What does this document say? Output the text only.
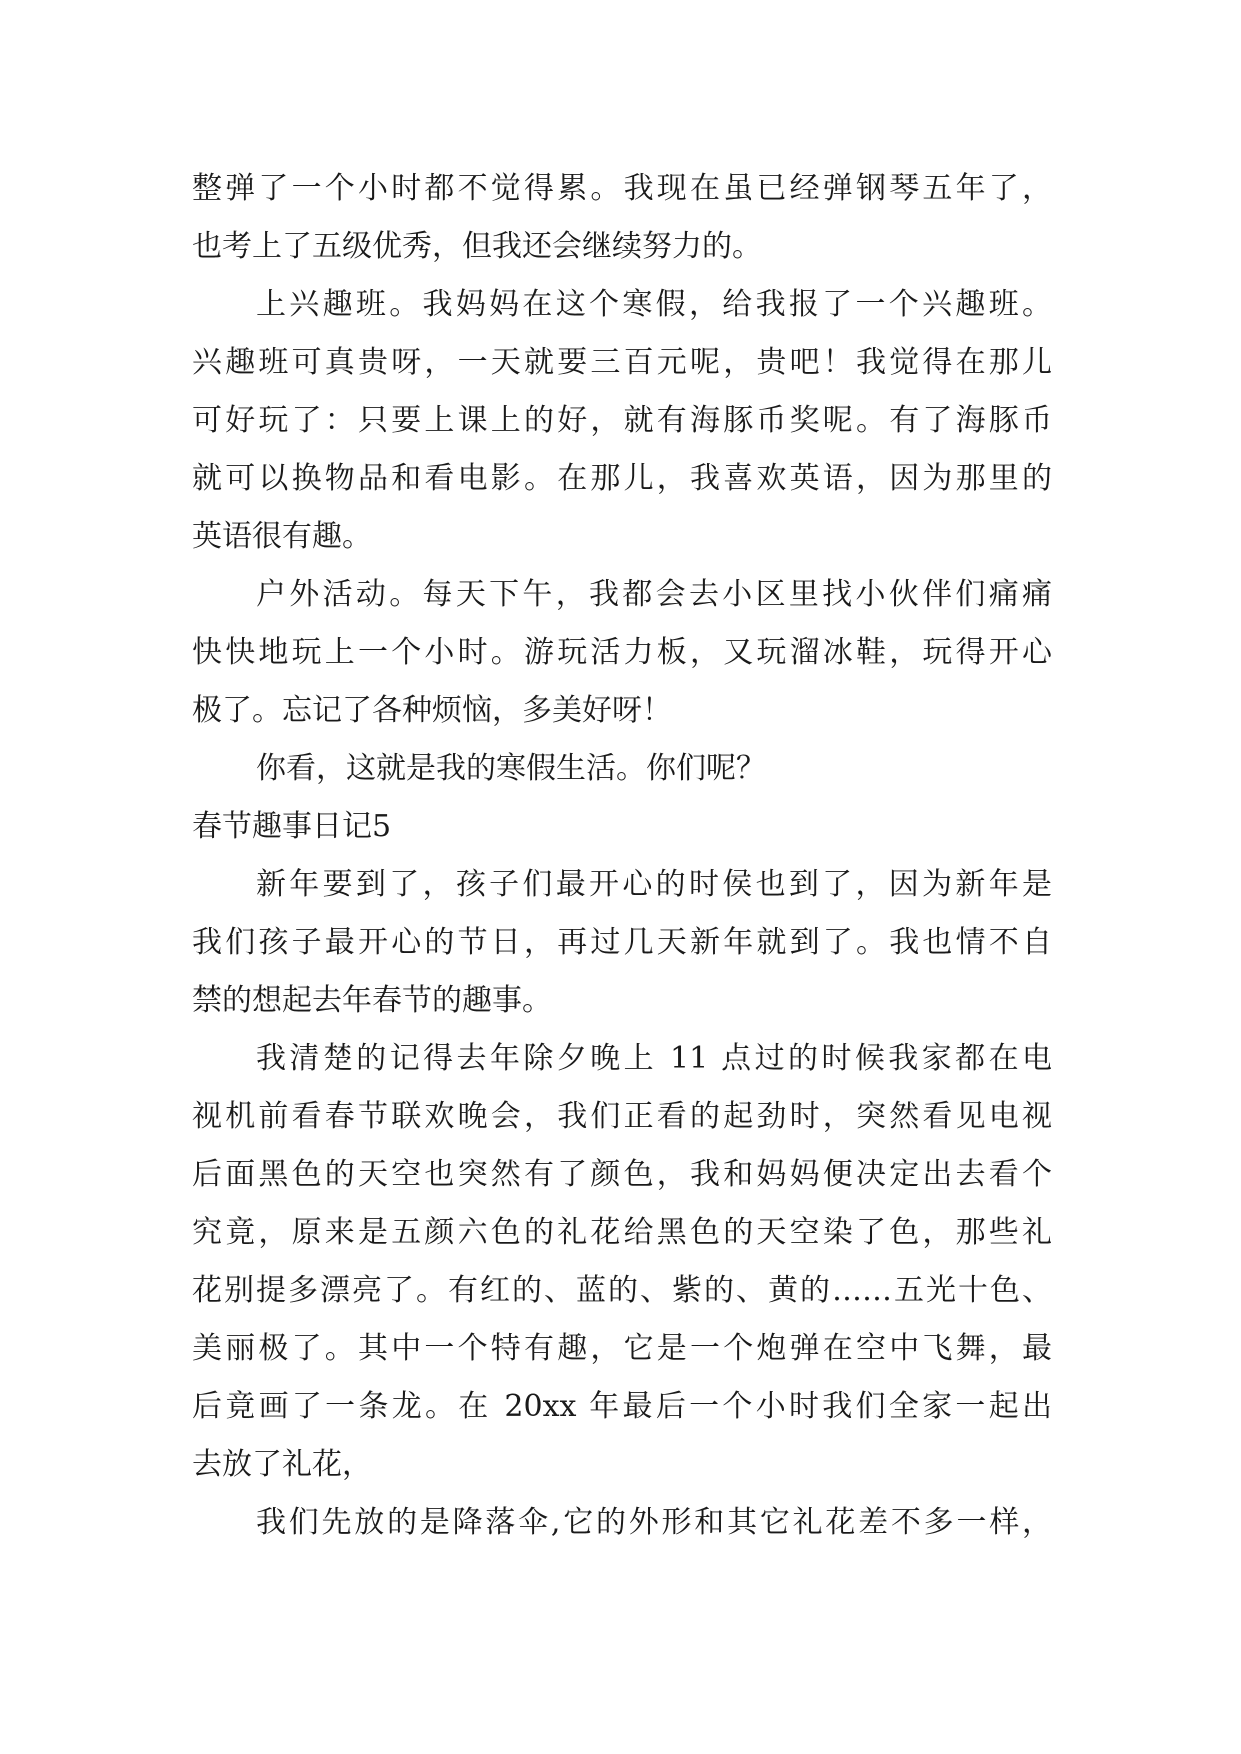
整弹了一个小时都不觉得累。我现在虽已经弹钢琴五年了，
也考上了五级优秀，但我还会继续努力的。
上兴趣班。我妈妈在这个寒假，给我报了一个兴趣班。
兴趣班可真贵呀，一天就要三百元呢，贵吧！我觉得在那儿
可好玩了：只要上课上的好，就有海豚币奖呢。有了海豚币
就可以换物品和看电影。在那儿，我喜欢英语，因为那里的
英语很有趣。
户外活动。每天下午，我都会去小区里找小伙伴们痛痛
快快地玩上一个小时。游玩活力板，又玩溜冰鞋，玩得开心
极了。忘记了各种烦恼，多美好呀！
你看，这就是我的寒假生活。你们呢？
春节趣事日记5
新年要到了，孩子们最开心的时侯也到了，因为新年是
我们孩子最开心的节日，再过几天新年就到了。我也情不自
禁的想起去年春节的趣事。
我清楚的记得去年除夕晚上 11 点过的时候我家都在电
视机前看春节联欢晚会，我们正看的起劲时，突然看见电视
后面黑色的天空也突然有了颜色，我和妈妈便决定出去看个
究竟，原来是五颜六色的礼花给黑色的天空染了色，那些礼
花别提多漂亮了。有红的、蓝的、紫的、黄的……五光十色、
美丽极了。其中一个特有趣，它是一个炮弹在空中飞舞，最
后竟画了一条龙。在 20xx 年最后一个小时我们全家一起出
去放了礼花，
我们先放的是降落伞,它的外形和其它礼花差不多一样，
